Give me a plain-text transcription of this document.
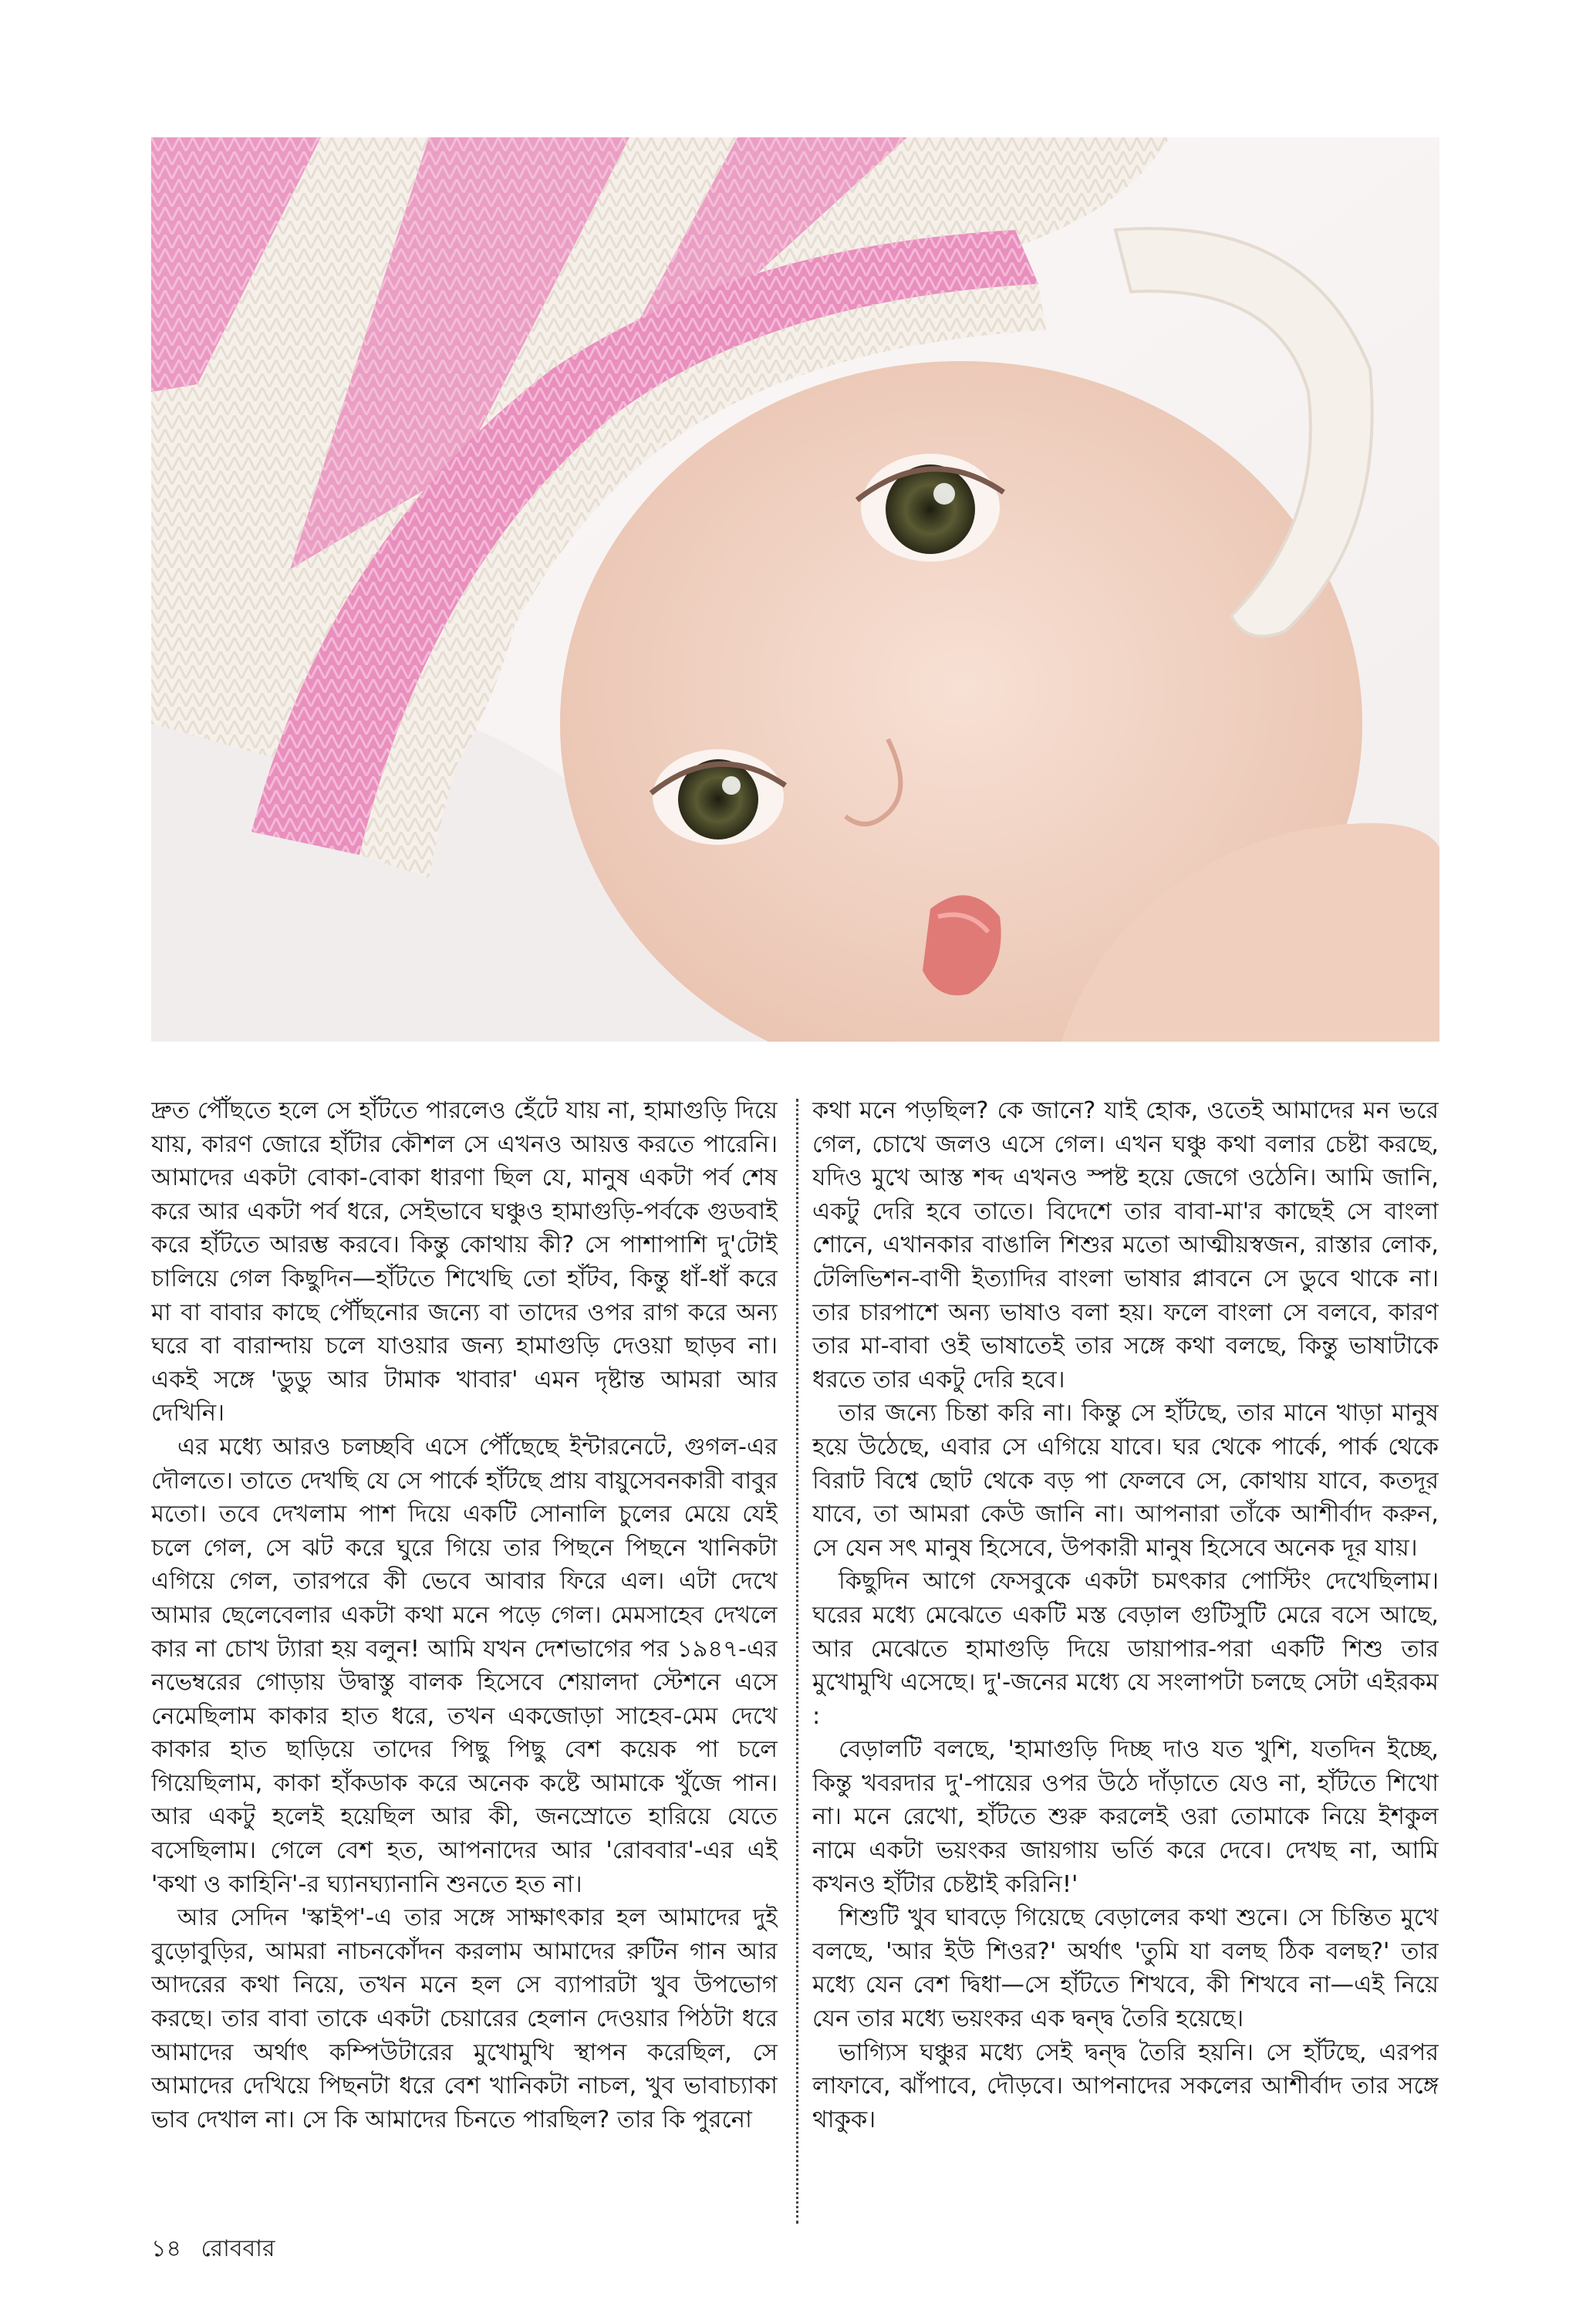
দ্রুত পৌঁছতে হলে সে হাঁটতে পারলেও হেঁটে যায় না, হামাগুড়ি দিয়ে যায়, কারণ জোরে হাঁটার কৌশল সে এখনও আয়ত্ত করতে পারেনি। আমাদের একটা বোকা-বোকা ধারণা ছিল যে, মানুষ একটা পর্ব শেষ করে আর একটা পর্ব ধরে, সেইভাবে ঘঞ্চুও হামাগুড়ি-পর্বকে গুডবাই করে হাঁটতে আরম্ভ করবে। কিন্তু কোথায় কী? সে পাশাপাশি দু'টোই চালিয়ে গেল কিছুদিন—হাঁটতে শিখেছি তো হাঁটব, কিন্তু ধাঁ-ধাঁ করে মা বা বাবার কাছে পৌঁছনোর জন্যে বা তাদের ওপর রাগ করে অন্য ঘরে বা বারান্দায় চলে যাওয়ার জন্য হামাগুড়ি দেওয়া ছাড়ব না। একই সঙ্গে 'ডুডু আর টামাক খাবার' এমন দৃষ্টান্ত আমরা আর দেখিনি।

এর মধ্যে আরও চলচ্ছবি এসে পৌঁছেছে ইন্টারনেটে, গুগল-এর দৌলতে। তাতে দেখছি যে সে পার্কে হাঁটছে প্রায় বায়ুসেবনকারী বাবুর মতো। তবে দেখলাম পাশ দিয়ে একটি সোনালি চুলের মেয়ে যেই চলে গেল, সে ঝট করে ঘুরে গিয়ে তার পিছনে পিছনে খানিকটা এগিয়ে গেল, তারপরে কী ভেবে আবার ফিরে এল। এটা দেখে আমার ছেলেবেলার একটা কথা মনে পড়ে গেল। মেমসাহেব দেখলে কার না চোখ ট্যারা হয় বলুন! আমি যখন দেশভাগের পর ১৯৪৭-এর নভেম্বরের গোড়ায় উদ্বাস্তু বালক হিসেবে শেয়ালদা স্টেশনে এসে নেমেছিলাম কাকার হাত ধরে, তখন একজোড়া সাহেব-মেম দেখে কাকার হাত ছাড়িয়ে তাদের পিছু পিছু বেশ কয়েক পা চলে গিয়েছিলাম, কাকা হাঁকডাক করে অনেক কষ্টে আমাকে খুঁজে পান। আর একটু হলেই হয়েছিল আর কী, জনস্রোতে হারিয়ে যেতে বসেছিলাম। গেলে বেশ হত, আপনাদের আর 'রোববার'-এর এই 'কথা ও কাহিনি'-র ঘ্যানঘ্যানানি শুনতে হত না।

আর সেদিন 'স্কাইপ'-এ তার সঙ্গে সাক্ষাৎকার হল আমাদের দুই বুড়োবুড়ির, আমরা নাচনকোঁদন করলাম আমাদের রুটিন গান আর আদরের কথা নিয়ে, তখন মনে হল সে ব্যাপারটা খুব উপভোগ করছে। তার বাবা তাকে একটা চেয়ারের হেলান দেওয়ার পিঠটা ধরে আমাদের অর্থাৎ কম্পিউটারের মুখোমুখি স্থাপন করেছিল, সে আমাদের দেখিয়ে পিছনটা ধরে বেশ খানিকটা নাচল, খুব ভাবাচ্যাকা ভাব দেখাল না। সে কি আমাদের চিনতে পারছিল? তার কি পুরনো

কথা মনে পড়ছিল? কে জানে? যাই হোক, ওতেই আমাদের মন ভরে গেল, চোখে জলও এসে গেল। এখন ঘঞ্চু কথা বলার চেষ্টা করছে, যদিও মুখে আস্ত শব্দ এখনও স্পষ্ট হয়ে জেগে ওঠেনি। আমি জানি, একটু দেরি হবে তাতে। বিদেশে তার বাবা-মা'র কাছেই সে বাংলা শোনে, এখানকার বাঙালি শিশুর মতো আত্মীয়স্বজন, রাস্তার লোক, টেলিভিশন-বাণী ইত্যাদির বাংলা ভাষার প্লাবনে সে ডুবে থাকে না। তার চারপাশে অন্য ভাষাও বলা হয়। ফলে বাংলা সে বলবে, কারণ তার মা-বাবা ওই ভাষাতেই তার সঙ্গে কথা বলছে, কিন্তু ভাষাটাকে ধরতে তার একটু দেরি হবে।

তার জন্যে চিন্তা করি না। কিন্তু সে হাঁটছে, তার মানে খাড়া মানুষ হয়ে উঠেছে, এবার সে এগিয়ে যাবে। ঘর থেকে পার্কে, পার্ক থেকে বিরাট বিশ্বে ছোট থেকে বড় পা ফেলবে সে, কোথায় যাবে, কতদূর যাবে, তা আমরা কেউ জানি না। আপনারা তাঁকে আশীর্বাদ করুন, সে যেন সৎ মানুষ হিসেবে, উপকারী মানুষ হিসেবে অনেক দূর যায়।

কিছুদিন আগে ফেসবুকে একটা চমৎকার পোস্টিং দেখেছিলাম। ঘরের মধ্যে মেঝেতে একটি মস্ত বেড়াল গুটিসুটি মেরে বসে আছে, আর মেঝেতে হামাগুড়ি দিয়ে ডায়াপার-পরা একটি শিশু তার মুখোমুখি এসেছে। দু'-জনের মধ্যে যে সংলাপটা চলছে সেটা এইরকম :

বেড়ালটি বলছে, 'হামাগুড়ি দিচ্ছ দাও যত খুশি, যতদিন ইচ্ছে, কিন্তু খবরদার দু'-পায়ের ওপর উঠে দাঁড়াতে যেও না, হাঁটতে শিখো না। মনে রেখো, হাঁটতে শুরু করলেই ওরা তোমাকে নিয়ে ইশকুল নামে একটা ভয়ংকর জায়গায় ভর্তি করে দেবে। দেখছ না, আমি কখনও হাঁটার চেষ্টাই করিনি!'

শিশুটি খুব ঘাবড়ে গিয়েছে বেড়ালের কথা শুনে। সে চিন্তিত মুখে বলছে, 'আর ইউ শিওর?' অর্থাৎ 'তুমি যা বলছ ঠিক বলছ?' তার মধ্যে যেন বেশ দ্বিধা—সে হাঁটতে শিখবে, কী শিখবে না—এই নিয়ে যেন তার মধ্যে ভয়ংকর এক দ্বন্দ্ব তৈরি হয়েছে।

ভাগ্যিস ঘঞ্চুর মধ্যে সেই দ্বন্দ্ব তৈরি হয়নি। সে হাঁটছে, এরপর লাফাবে, ঝাঁপাবে, দৌড়বে। আপনাদের সকলের আশীর্বাদ তার সঙ্গে থাকুক।

১৪ রোববার
